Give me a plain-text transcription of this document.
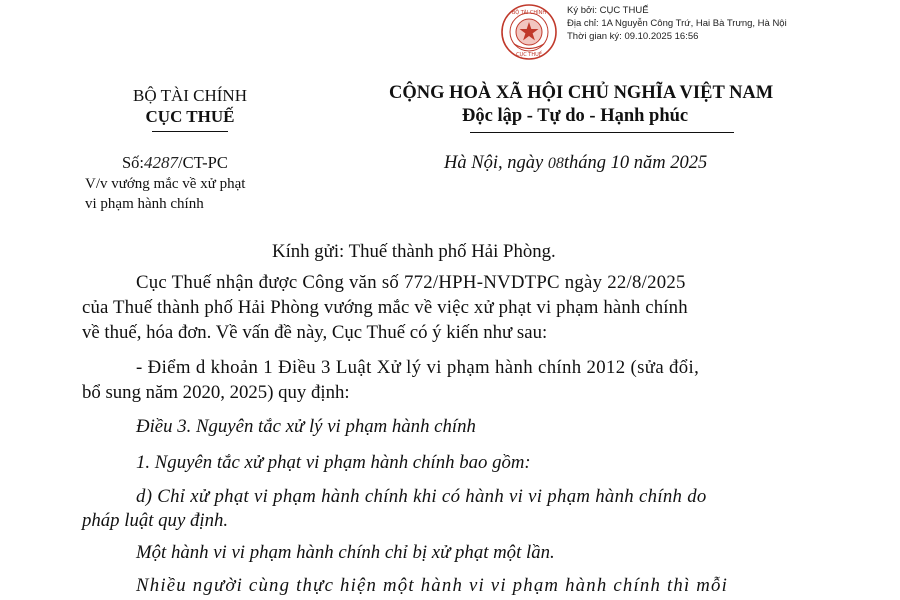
BỘ TÀI CHÍNH
CỤC THUẾ
Ký bởi: CỤC THUẾ
Địa chỉ: 1A Nguyễn Công Trứ, Hai Bà Trưng, Hà Nội
Thời gian ký: 09.10.2025 16:56
BỘ TÀI CHÍNH
CỤC THUẾ
Số:4287/CT-PC
V/v vướng mắc về xử phạt
vi phạm hành chính
CỘNG HOÀ XÃ HỘI CHỦ NGHĨA VIỆT NAM
Độc lập - Tự do - Hạnh phúc
Hà Nội, ngày 08tháng 10 năm 2025
Kính gửi: Thuế thành phố Hải Phòng.
Cục Thuế nhận được Công văn số 772/HPH-NVDTPC ngày 22/8/2025
của Thuế thành phố Hải Phòng vướng mắc về việc xử phạt vi phạm hành chính
về thuế, hóa đơn. Về vấn đề này, Cục Thuế có ý kiến như sau:
- Điểm d khoản 1 Điều 3 Luật Xử lý vi phạm hành chính 2012 (sửa đổi,
bổ sung năm 2020, 2025) quy định:
Điều 3. Nguyên tắc xử lý vi phạm hành chính
1. Nguyên tắc xử phạt vi phạm hành chính bao gồm:
d) Chỉ xử phạt vi phạm hành chính khi có hành vi vi phạm hành chính do
pháp luật quy định.
Một hành vi vi phạm hành chính chỉ bị xử phạt một lần.
Nhiều người cùng thực hiện một hành vi vi phạm hành chính thì mỗi
